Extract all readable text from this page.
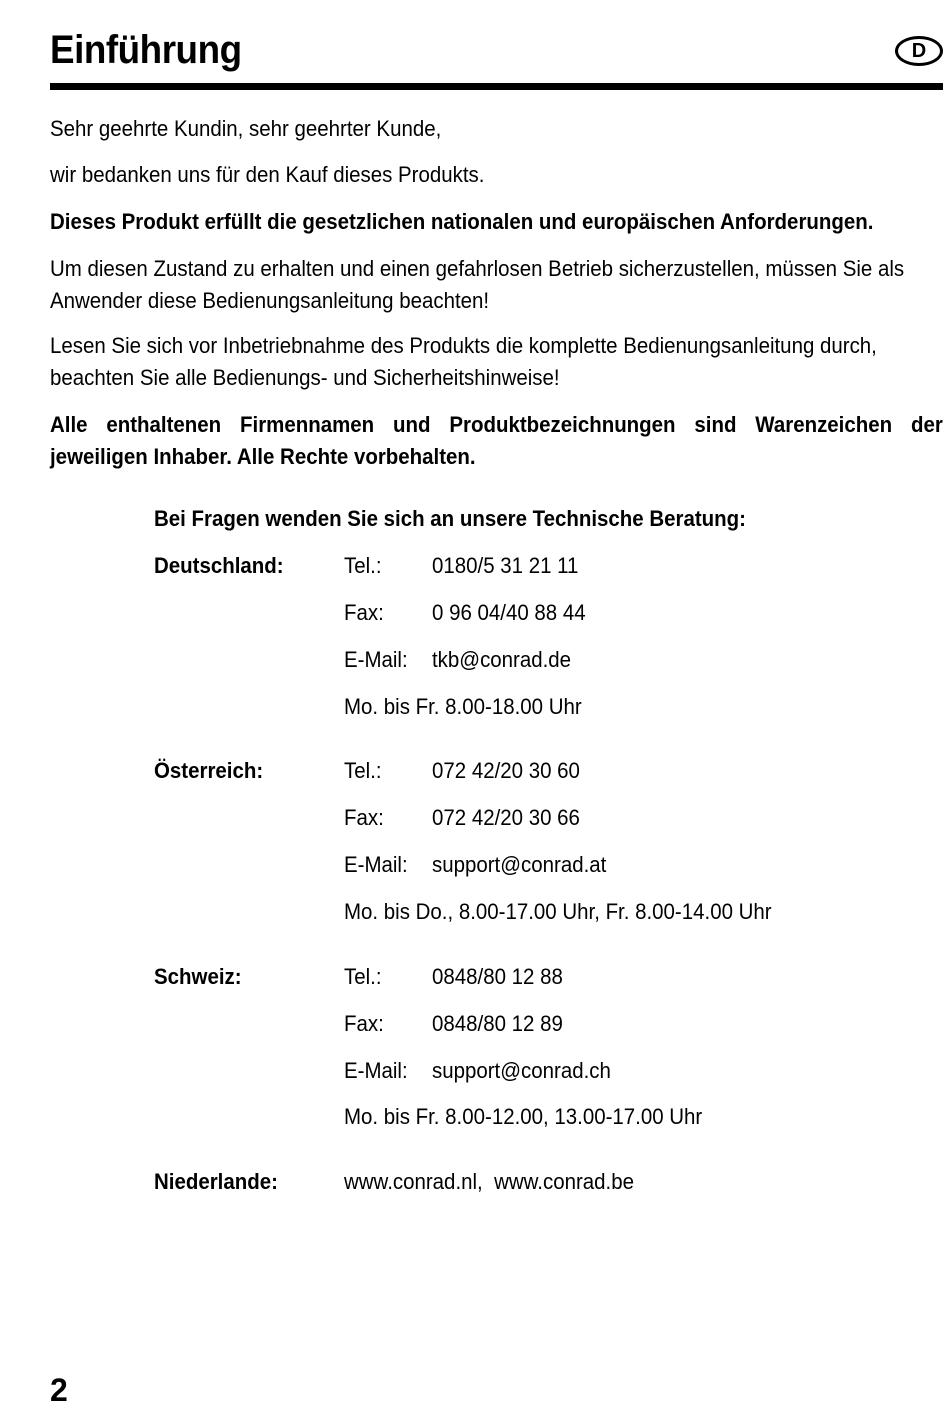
Einführung	D

Sehr geehrte Kundin, sehr geehrter Kunde,

wir bedanken uns für den Kauf dieses Produkts.

Dieses Produkt erfüllt die gesetzlichen nationalen und europäischen Anforderungen.

Um diesen Zustand zu erhalten und einen gefahrlosen Betrieb sicherzustellen, müssen Sie als Anwender diese Bedienungsanleitung beachten!

Lesen Sie sich vor Inbetriebnahme des Produkts die komplette Bedienungsanleitung durch, beachten Sie alle Bedienungs- und Sicherheitshinweise!

Alle enthaltenen Firmennamen und Produktbezeichnungen sind Warenzeichen der jeweiligen Inhaber. Alle Rechte vorbehalten.

Bei Fragen wenden Sie sich an unsere Technische Beratung:
Deutschland:	Tel.: 0180/5 31 21 11
Fax: 0 96 04/40 88 44
E-Mail: tkb@conrad.de
Mo. bis Fr. 8.00-18.00 Uhr
Österreich:	Tel.: 072 42/20 30 60
Fax: 072 42/20 30 66
E-Mail: support@conrad.at
Mo. bis Do., 8.00-17.00 Uhr, Fr. 8.00-14.00 Uhr
Schweiz:	Tel.: 0848/80 12 88
Fax: 0848/80 12 89
E-Mail: support@conrad.ch
Mo. bis Fr. 8.00-12.00, 13.00-17.00 Uhr
Niederlande:	www.conrad.nl,  www.conrad.be
2
